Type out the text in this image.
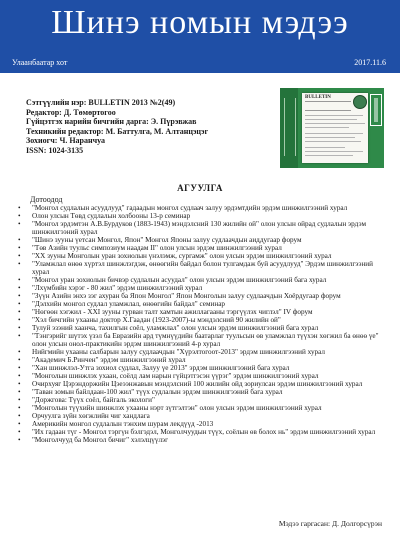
Шинэ номын мэдээ
Улаанбаатар хот	2017.11.6
Сэтгүүлийн нэр: BULLETIN 2013 №2(49)
Редактор: Д. Төмөртогоо
Гүйцэтгэх нарийн бичгийн дарга: Э. Пүрэвжав
Техникийн редактор: М. Баттулга, М. Алтанцэцэг
Зохиогч: Ч. Наранчуа
ISSN: 1024-3135
BULLETIN
АГУУЛГА
Дотоодод
• "Монгол судлалын асуудлууд" гадаадын монгол судлаач залуу эрдэмтдийн эрдэм шинжилгээний хурал
• Олон улсын Төвд судлалын холбооны 13-р семинар
• "Монгол эрдэмтэн А.В.Бурдуков (1883-1943) мэндэлсний 130 жилийн ой" олон улсын ойрад судлалын эрдэм шинжилгээний хурал
• "Шинэ зууны үетсан Монгол, Япон" Монгол Японы залуу судлаачдын аиддугаар форум
• "Төв Азийн туульс симпозиум наадам II" олон улсын эрдэм шинжилгээний хурал
• "XX зууны Монголын уран зохиолын үнэлэмж, сургамж" олон улсын эрдэм шинжилгээний хурал
• "Уламжлал өнөө хүртэл шинжлэгдэж, өнөөгийн байдал болон тулгамдаж буй асуудлууд" Эрдэм шинжилгээний хурал
• "Монгол уран зохиолын бичвэр судлалын асуудал" олон улсын эрдэм шинжилгээний бага хурал
• "Лхүмбийн хэрэг - 80 жил" эрдэм шинжилгээний хурал
• "Зүүн Азийн энхэ зэг ахуран ба Япон Монгол" Япон Монголын залуу судлаачдын Хоёрдугаар форум
• "Дэлхийн монгол судлал уламжлал, өнөөгийн байдал" семинар
• "Нөгөөн хэгжил - XXI зууны гурван талт хамтын ажиллагааны тэргүүлэх чиглэл" IV форум
• "Хэл бичгийн ухааны доктор Х.Гаадан (1923-2007)-ы мэндэлсний 90 жилийн ой"
• Тулуй эзэний хаанча, тахилгын соёл, уламжлал" олон улсын эрдэм шинжилгээний бага хурал
• "Тэнгэрийг шүтэх үзэл ба Евразийн ард түмнүүдийн баатарлаг туульсын өв уламжлал түүхэн хөгжил ба өнөө үе" олон улсын онол-практикийн эрдэм шинжилгээний 4-р хурал
• Нийгмийн ухааны салбарын залуу судлаачдын "Хүрэлтогоот-2013" эрдэм шинжилгээний хурал
• "Академич Б.Ринчен" эрдэм шинжилгээний хурал
• "Хан шинжлэл-Утга зохиол судлал, Залуу үе 2013" эрдэм шинжилгээний бага хурал
• "Монголын шинжлэх ухаан, соёлд лам нарын гүйцэтгэсэн үүрэг" эрдэм шинжилгээний хурал
• Очирхуяг Цэрэндоржийн Цэеээнжавын мэндэлсний 100 жилийн ойд зориулсан эрдэм шинжилгээний хурал
• "Таван зомын байлдаан-100 жил" түүх судлалын эрдэм шинжилгээний бага хурал
• "Доржгова: Түүх соёл, байгаль экологи"
• "Монголын түүхийн шинжлэх ухааны нэрт зүтгэлтэн" олон улсын эрдэм шинжилгээний хурал
• Орчуулга зүйн хөгжлийн чиг хандлага
• Америкийн монгол судлалын тэнхим шурам лекдүүд -2013
• "Их гадаан түг - Монгол тэргүн бэлгэдэл, Монголчуудын түүх, соёлын өв болох нь" эрдэм шинжилгээний хурал
• "Монголчууд ба Монгол бичиг" хэлэлцүүлэг
Мэдээ гаргасан: Д. Долгорсүрэн
